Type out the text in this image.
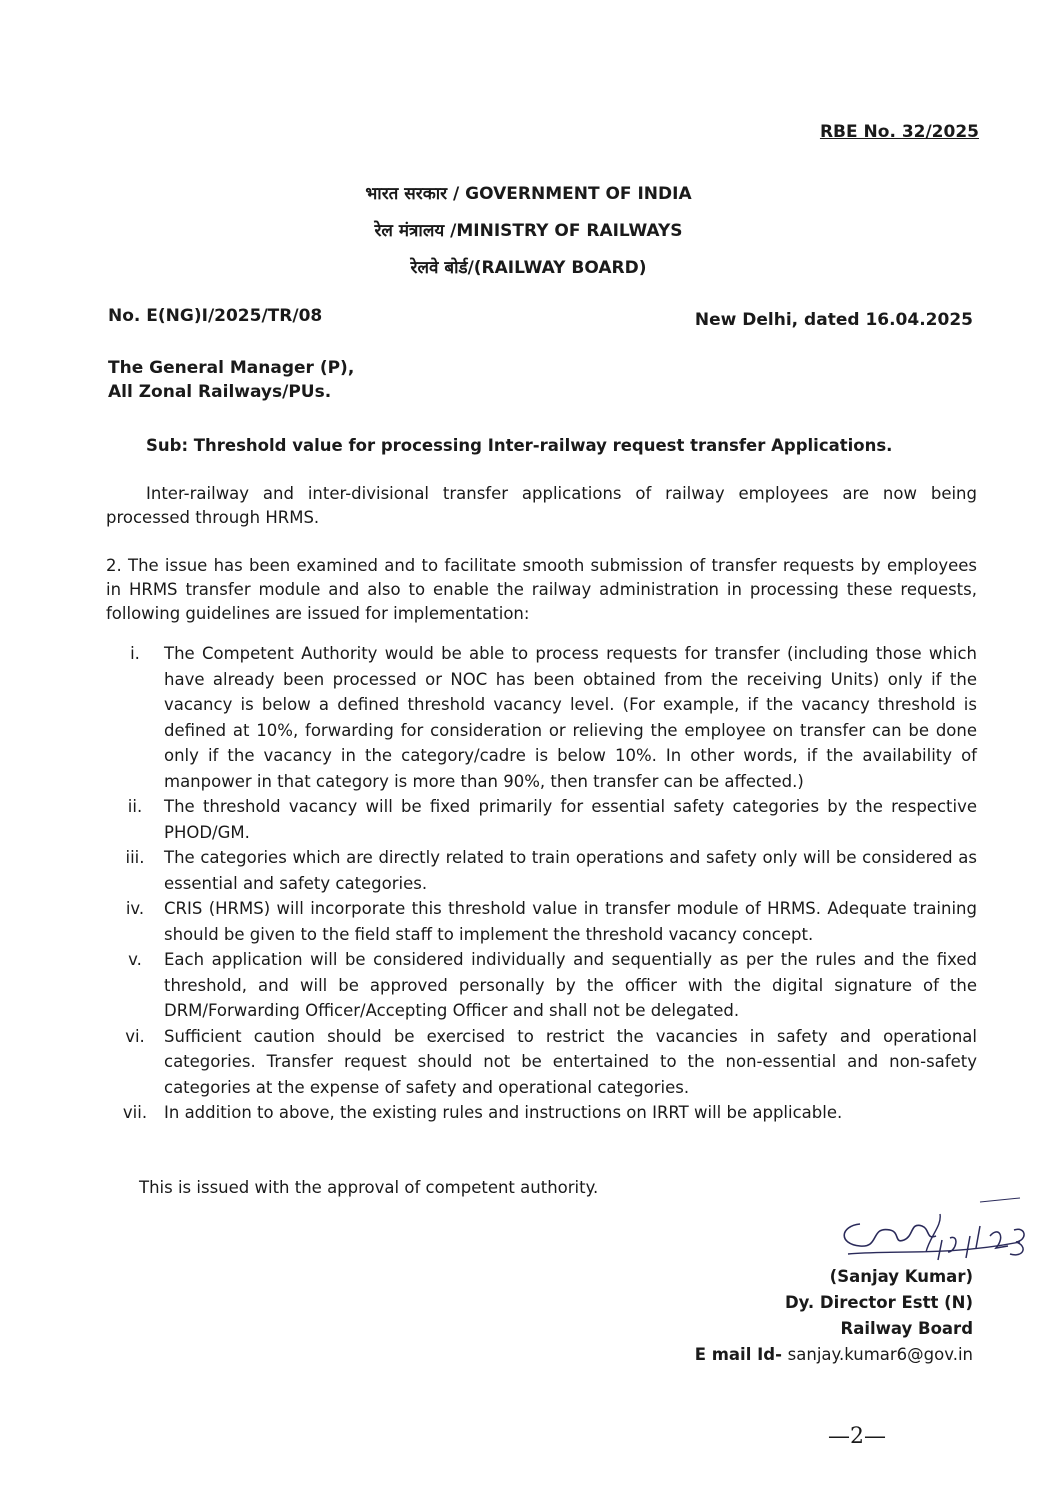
RBE No. 32/2025

भारत सरकार / GOVERNMENT OF INDIA
रेल मंत्रालय /MINISTRY OF RAILWAYS
रेलवे बोर्ड/(RAILWAY BOARD)

No. E(NG)I/2025/TR/08	New Delhi, dated 16.04.2025

The General Manager (P),
All Zonal Railways/PUs.

Sub: Threshold value for processing Inter-railway request transfer Applications.

Inter-railway and inter-divisional transfer applications of railway employees are now being processed through HRMS.
2. The issue has been examined and to facilitate smooth submission of transfer requests by employees in HRMS transfer module and also to enable the railway administration in processing these requests, following guidelines are issued for implementation:
i.	The Competent Authority would be able to process requests for transfer (including those which have already been processed or NOC has been obtained from the receiving Units) only if the vacancy is below a defined threshold vacancy level. (For example, if the vacancy threshold is defined at 10%, forwarding for consideration or relieving the employee on transfer can be done only if the vacancy in the category/cadre is below 10%. In other words, if the availability of manpower in that category is more than 90%, then transfer can be affected.)
ii.	The threshold vacancy will be fixed primarily for essential safety categories by the respective PHOD/GM.
iii.	The categories which are directly related to train operations and safety only will be considered as essential and safety categories.
iv.	CRIS (HRMS) will incorporate this threshold value in transfer module of HRMS. Adequate training should be given to the field staff to implement the threshold vacancy concept.
v.	Each application will be considered individually and sequentially as per the rules and the fixed threshold, and will be approved personally by the officer with the digital signature of the DRM/Forwarding Officer/Accepting Officer and shall not be delegated.
vi.	Sufficient caution should be exercised to restrict the vacancies in safety and operational categories. Transfer request should not be entertained to the non-essential and non-safety categories at the expense of safety and operational categories.
vii.	In addition to above, the existing rules and instructions on IRRT will be applicable.

This is issued with the approval of competent authority.

(Sanjay Kumar)
Dy. Director Estt (N)
Railway Board
E mail Id- sanjay.kumar6@gov.in

—2—
